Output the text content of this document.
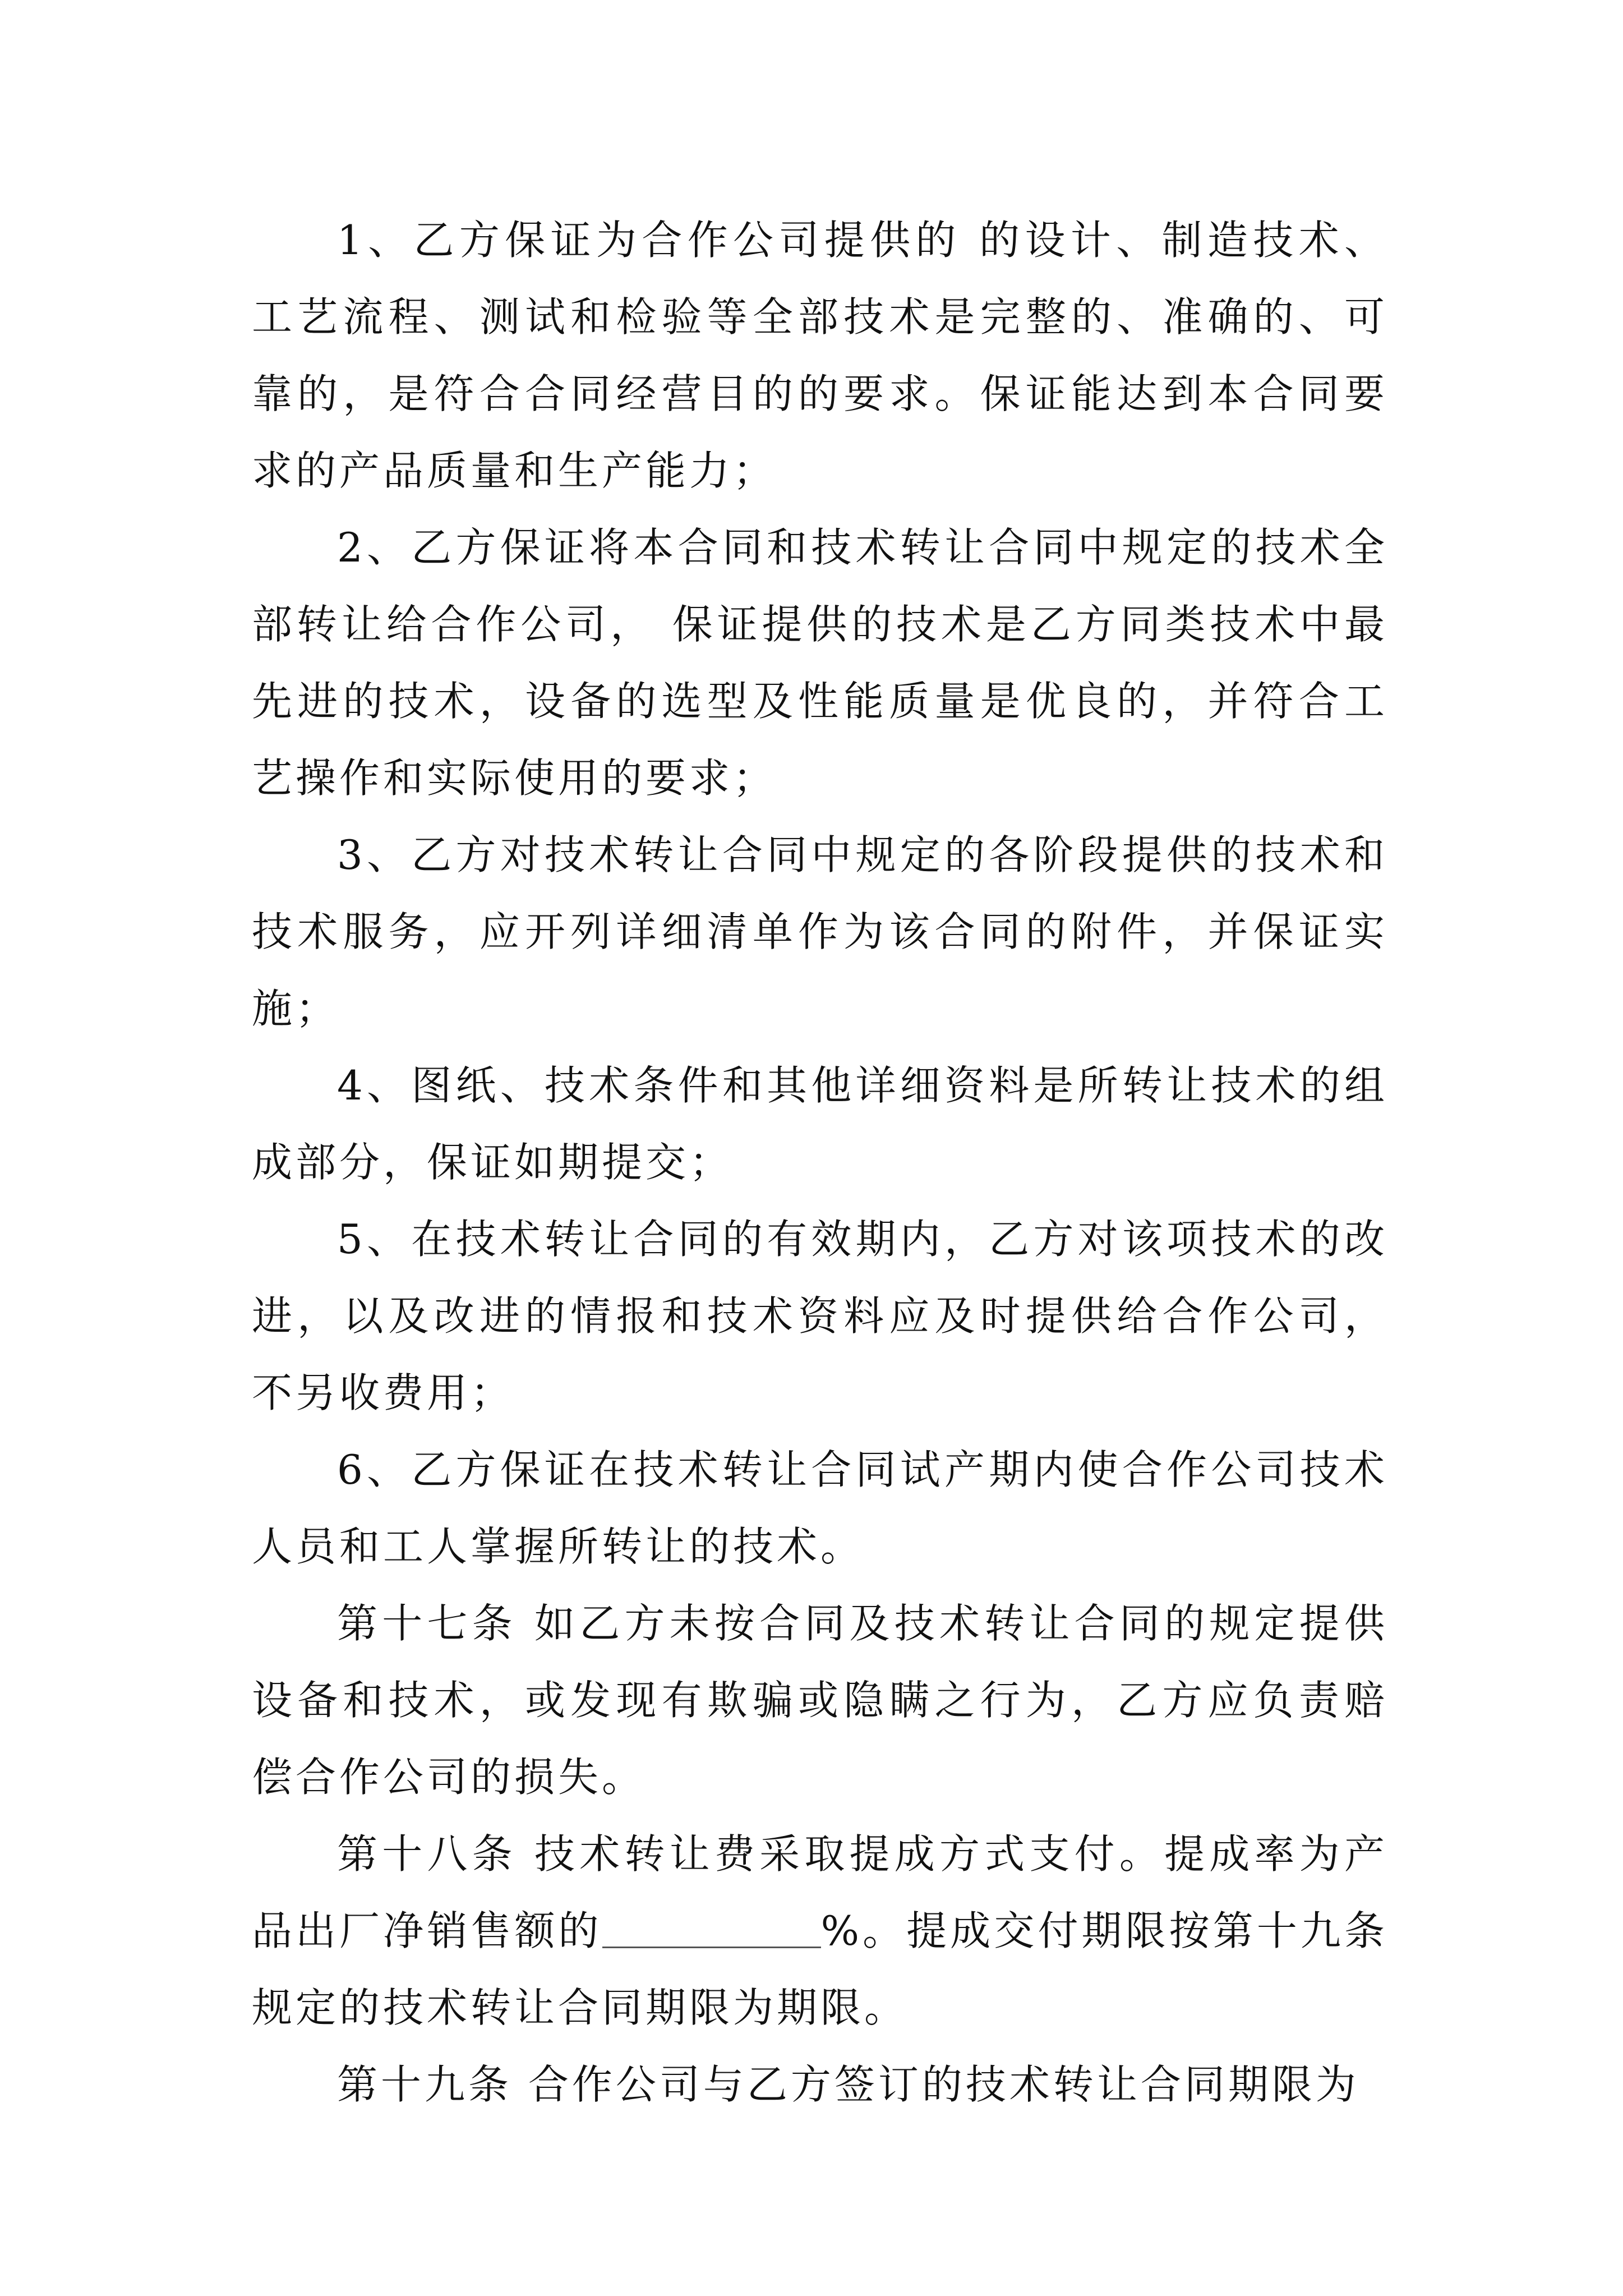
1、乙方保证为合作公司提供的 的设计、制造技术、工艺流程、测试和检验等全部技术是完整的、准确的、可靠的，是符合合同经营目的的要求。保证能达到本合同要求的产品质量和生产能力；

2、乙方保证将本合同和技术转让合同中规定的技术全部转让给合作公司， 保证提供的技术是乙方同类技术中最先进的技术，设备的选型及性能质量是优良的，并符合工艺操作和实际使用的要求；

3、乙方对技术转让合同中规定的各阶段提供的技术和技术服务，应开列详细清单作为该合同的附件，并保证实施；

4、图纸、技术条件和其他详细资料是所转让技术的组成部分，保证如期提交；

5、在技术转让合同的有效期内，乙方对该项技术的改进，以及改进的情报和技术资料应及时提供给合作公司，不另收费用；

6、乙方保证在技术转让合同试产期内使合作公司技术人员和工人掌握所转让的技术。

第十七条 如乙方未按合同及技术转让合同的规定提供设备和技术，或发现有欺骗或隐瞒之行为，乙方应负责赔偿合作公司的损失。

第十八条 技术转让费采取提成方式支付。提成率为产品出厂净销售额的	%。提成交付期限按第十九条规定的技术转让合同期限为期限。

第十九条 合作公司与乙方签订的技术转让合同期限为
